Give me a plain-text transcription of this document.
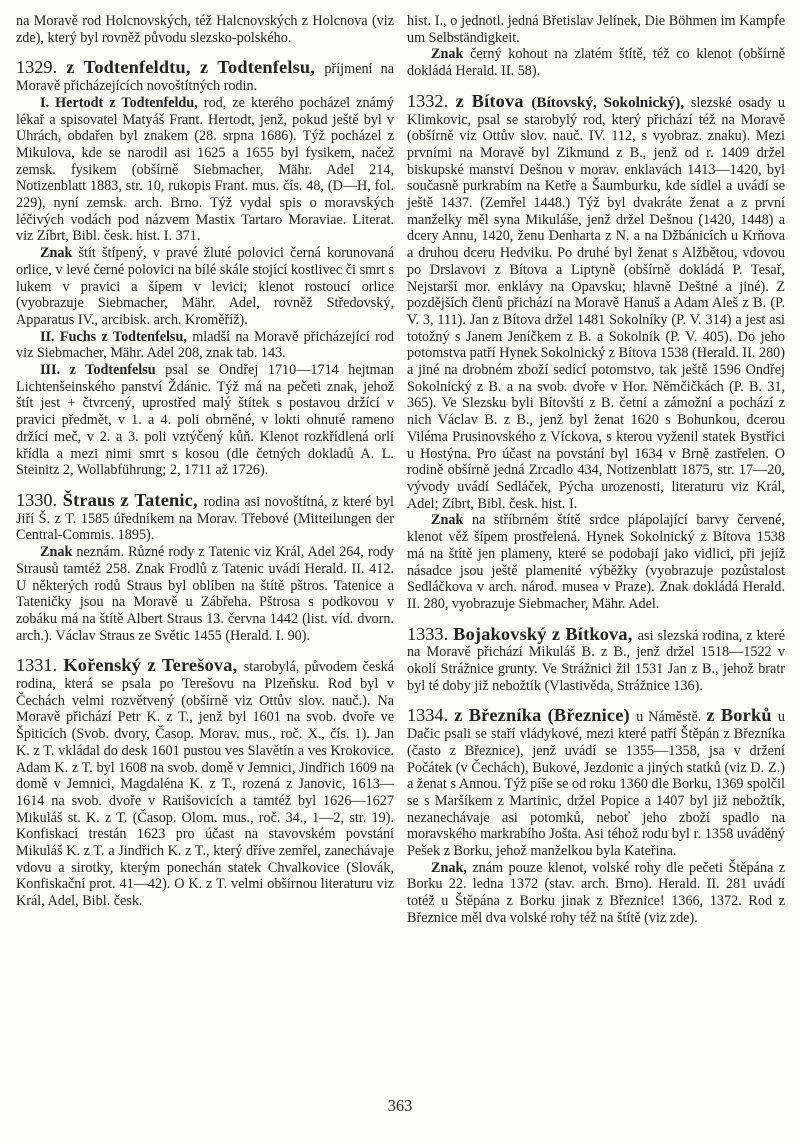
na Moravě rod Holcnovských, též Halcnovských z Holcnova (viz zde), který byl rovněž původu slezsko-polského.

1329. z Todtenfeldtu, z Todtenfelsu, příjmení na Moravě přicházejících novoštítných rodin.

I. Hertodt z Todtenfeldu, rod, ze kterého pocházel známý lékař a spisovatel Matyáš Frant. Hertodt, jenž, pokud ještě byl v Uhrách, obdařen byl znakem (28. srpna 1686). Týž pocházel z Mikulova, kde se narodil asi 1625 a 1655 byl fysikem, načež zemsk. fysikem (obšírně Siebmacher, Mähr. Adel 214, Notizenblatt 1883, str. 10, rukopis Frant. mus. čís. 48, (D—H, fol. 229), nyní zemsk. arch. Brno. Týž vydal spis o moravských léčivých vodách pod názvem Mastix Tartaro Moraviae. Literat. viz Zíbrt, Bibl. česk. hist. I. 371.

Znak štít štípený, v pravé žluté polovici černá korunovaná orlice, v levé černé polovici na bílé skále stojící kostlivec či smrt s lukem v pravici a šípem v levici; klenot rostoucí orlice (vyobrazuje Siebmacher, Mähr. Adel, rovněž Středovský, Apparatus IV., arcibisk. arch. Kroměříž).

II. Fuchs z Todtenfelsu, mladší na Moravě přicházející rod viz Siebmacher, Mähr. Adel 208, znak tab. 143.

III. z Todtenfelsu psal se Ondřej 1710—1714 hejtman Lichtenšeinského panství Ždánic. Týž má na pečeti znak, jehož štít jest + čtvrcený, uprostřed malý štítek s postavou držící v pravici předmět, v 1. a 4. poli obrněné, v lokti ohnuté rameno držící meč, v 2. a 3. poli vztýčený kůň. Klenot rozkřídlená orlí křídla a mezi nimi smrt s kosou (dle četných dokladů A. L. Steinitz 2, Wollabführung; 2, 1711 až 1726).

1330. Štraus z Tatenic, rodina asi novoštítná, z které byl Jiří Š. z T. 1585 úředníkem na Morav. Třebové (Mitteilungen der Central-Commis. 1895).

Znak neznám. Různé rody z Tatenic viz Král, Adel 264, rody Strausů tamtéž 258. Znak Frodlů z Tatenic uvádí Herald. II. 412. U některých rodů Straus byl oblíben na štítě pštros. Tatenice a Tateničky jsou na Moravě u Zábřeha. Pštrosa s podkovou v zobáku má na štítě Albert Straus 13. června 1442 (list. víd. dvorn. arch.). Václav Straus ze Světic 1455 (Herald. I. 90).

1331. Kořenský z Terešova, starobylá, původem česká rodina, která se psala po Terešovu na Plzeňsku. Rod byl v Čechách velmi rozvětvený (obšírně viz Ottův slov. nauč.). Na Moravě přichází Petr K. z T., jenž byl 1601 na svob. dvoře ve Špiticích (Svob. dvory, Časop. Morav. mus., roč. X., čís. 1). Jan K. z T. vkládal do desk 1601 pustou ves Slavětín a ves Krokovice. Adam K. z T. byl 1608 na svob. domě v Jemnici, Jindřich 1609 na domě v Jemnici, Magdaléna K. z T., rozená z Janovic, 1613—1614 na svob. dvoře v Ratišovicích a tamtéž byl 1626—1627 Mikuláš st. K. z T. (Časop. Olom. mus., roč. 34., 1—2, str. 19). Konfiskací trestán 1623 pro účast na stavovském povstání Mikuláš K. z T. a Jindřich K. z T., který dříve zemřel, zanechávaje vdovu a sirotky, kterým ponechán statek Chvalkovice (Slovák, Konfiskační prot. 41—42). O K. z T. velmi obšírnou literaturu viz Král, Adel, Bibl. česk.

hist. I., o jednotl. jedná Břetislav Jelínek, Die Böhmen im Kampfe um Selbständigkeit.

Znak černý kohout na zlatém štítě, též co klenot (obšírně dokládá Herald. II. 58).

1332. z Bítova (Bítovský, Sokolnický), slezské osady u Klimkovic, psal se starobylý rod, který přichází též na Moravě (obšírně viz Ottův slov. nauč. IV. 112, s vyobraz. znaku). Mezi prvními na Moravě byl Zikmund z B., jenž od r. 1409 držel biskupské manství Dešnou v morav. enklavách 1413—1420, byl současně purkrabím na Ketře a Šaumburku, kde sídlel a uvádí se ještě 1437. (Zemřel 1448.) Týž byl dvakráte ženat a z první manželky měl syna Mikuláše, jenž držel Dešnou (1420, 1448) a dcery Annu, 1420, ženu Denharta z N. a na Džbánicích u Krňova a druhou dceru Hedviku. Po druhé byl ženat s Alžbětou, vdovou po Drslavovi z Bítova a Liptyně (obšírně dokládá P. Tesař, Nejstarší mor. enklávy na Opavsku; hlavně Deštné a jiné). Z pozdějších členů přichází na Moravě Hanuš a Adam Aleš z B. (P. V. 3, 111). Jan z Bítova držel 1481 Sokolníky (P. V. 314) a jest asi totožný s Janem Jeníčkem z B. a Sokolník (P. V. 405). Do jeho potomstva patří Hynek Sokolnický z Bítova 1538 (Herald. II. 280) a jiné na drobném zboží sedící potomstvo, tak ještě 1596 Ondřej Sokolnický z B. a na svob. dvoře v Hor. Němčičkách (P. B. 31, 365). Ve Slezsku byli Bítovští z B. četní a zámožní a pochází z nich Václav B. z B., jenž byl ženat 1620 s Bohunkou, dcerou Viléma Prusinovského z Víckova, s kterou vyženil statek Bystřici u Hostýna. Pro účast na povstání byl 1634 v Brně zastřelen. O rodině obšírně jedná Zrcadlo 434, Notizenblatt 1875, str. 17—20, vývody uvádí Sedláček, Pýcha urozenosti, literaturu viz Král, Adel; Zíbrt, Bibl. česk. hist. I.

Znak na stříbrném štítě srdce plápolající barvy červené, klenot věž šípem prostřelená. Hynek Sokolnický z Bítova 1538 má na štítě jen plameny, které se podobají jako vidlici, při jejíž násadce jsou ještě plamenité výběžky (vyobrazuje pozůstalost Sedláčkova v arch. národ. musea v Praze). Znak dokládá Herald. II. 280, vyobrazuje Siebmacher, Mähr. Adel.

1333. Bojakovský z Bítkova, asi slezská rodina, z které na Moravě přichází Mikuláš B. z B., jenž držel 1518—1522 v okolí Strážnice grunty. Ve Strážnici žil 1531 Jan z B., jehož bratr byl té doby již nebožtík (Vlastivěda, Strážnice 136).

1334. z Březníka (Březnice) u Náměstě. z Borků u Dačic psali se staří vládykové, mezi které patří Štěpán z Březníka (často z Březnice), jenž uvádí se 1355—1358, jsa v držení Počátek (v Čechách), Bukové, Jezdonic a jiných statků (viz D. Z.) a ženat s Annou. Týž píše se od roku 1360 dle Borku, 1369 spolčil se s Maršíkem z Martinic, držel Popice a 1407 byl již nebožtík, nezanechávaje asi potomků, neboť jeho zboží spadlo na moravského markrabího Jošta. Asi téhož rodu byl r. 1358 uváděný Pešek z Borku, jehož manželkou byla Kateřina.

Znak, znám pouze klenot, volské rohy dle pečeti Štěpána z Borku 22. ledna 1372 (stav. arch. Brno). Herald. II. 281 uvádí totéž u Štěpána z Borku jinak z Březnice! 1366, 1372. Rod z Březnice měl dva volské rohy též na štítě (viz zde).

363
